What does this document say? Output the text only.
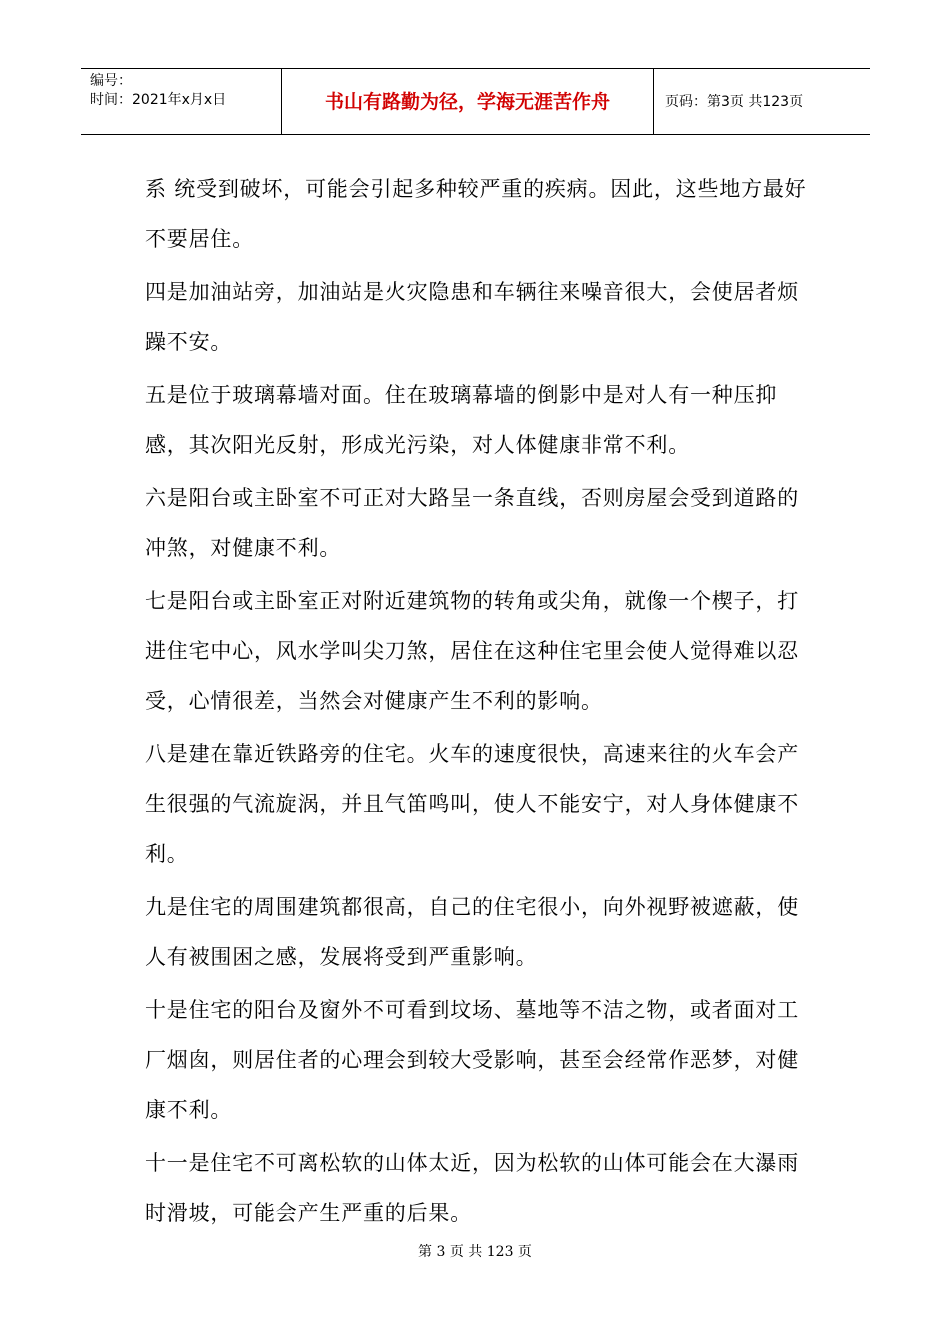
编号：
时间：2021年x月x日	书山有路勤为径，学海无涯苦作舟	页码：第3页 共123页

系 统受到破坏，可能会引起多种较严重的疾病。因此，这些地方最好不要居住。

四是加油站旁，加油站是火灾隐患和车辆往来噪音很大，会使居者烦躁不安。

五是位于玻璃幕墙对面。住在玻璃幕墙的倒影中是对人有一种压抑感，其次阳光反射，形成光污染，对人体健康非常不利。

六是阳台或主卧室不可正对大路呈一条直线，否则房屋会受到道路的冲煞，对健康不利。

七是阳台或主卧室正对附近建筑物的转角或尖角，就像一个楔子，打进住宅中心，风水学叫尖刀煞，居住在这种住宅里会使人觉得难以忍 受，心情很差，当然会对健康产生不利的影响。

八是建在靠近铁路旁的住宅。火车的速度很快，高速来往的火车会产生很强的气流旋涡，并且气笛鸣叫，使人不能安宁，对人身体健康不 利。

九是住宅的周围建筑都很高，自己的住宅很小，向外视野被遮蔽，使人有被围困之感，发展将受到严重影响。

十是住宅的阳台及窗外不可看到坟场、墓地等不洁之物，或者面对工厂烟囱，则居住者的心理会到较大受影响，甚至会经常作恶梦，对健 康不利。

十一是住宅不可离松软的山体太近，因为松软的山体可能会在大瀑雨时滑坡，可能会产生严重的后果。

第 3 页 共 123 页
